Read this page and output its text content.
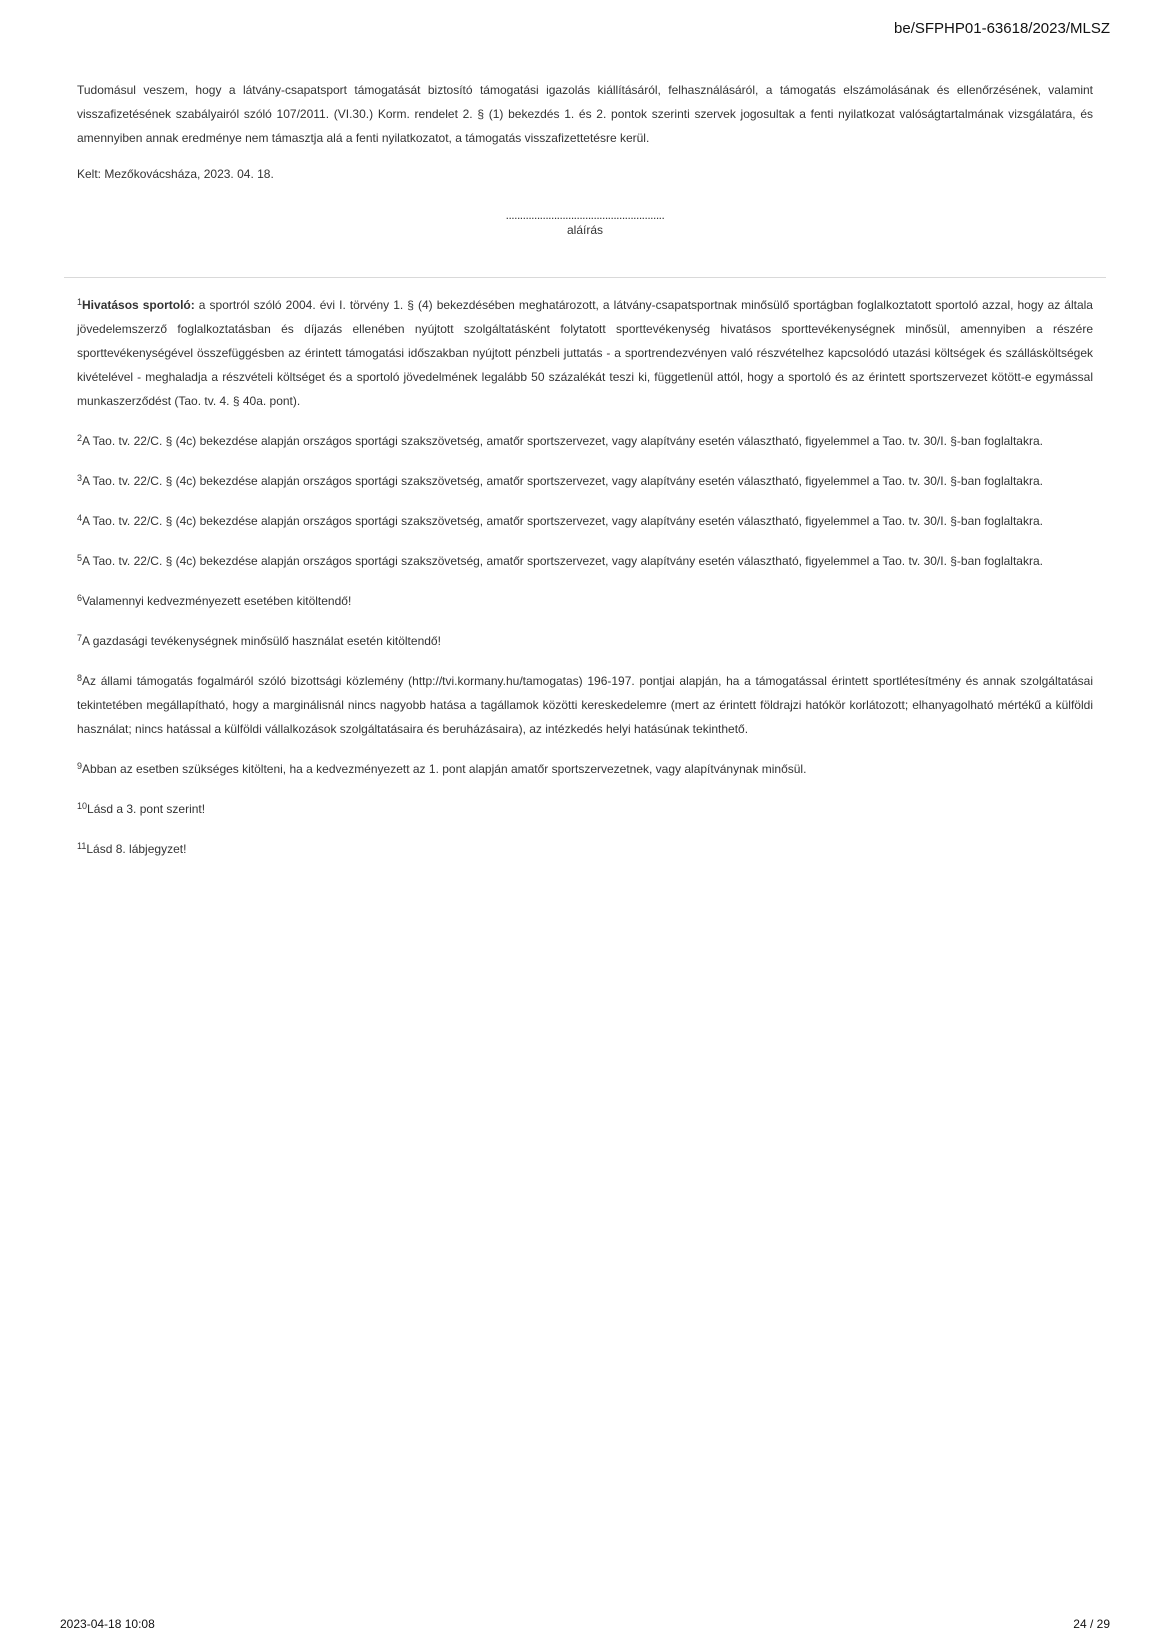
be/SFPHP01-63618/2023/MLSZ

Tudomásul veszem, hogy a látvány-csapatsport támogatását biztosító támogatási igazolás kiállításáról, felhasználásáról, a támogatás elszámolásának és ellenőrzésének, valamint visszafizetésének szabályairól szóló 107/2011. (VI.30.) Korm. rendelet 2. § (1) bekezdés 1. és 2. pontok szerinti szervek jogosultak a fenti nyilatkozat valóságtartalmának vizsgálatára, és amennyiben annak eredménye nem támasztja alá a fenti nyilatkozatot, a támogatás visszafizettetésre kerül.

Kelt: Mezőkovácsháza, 2023. 04. 18.

........................................................
aláírás

$^1$Hivatásos sportoló: a sportról szóló 2004. évi I. törvény 1. § (4) bekezdésében meghatározott, a látvány-csapatsportnak minősülő sportágban foglalkoztatott sportoló azzal, hogy az általa jövedelemszerző foglalkoztatásban és díjazás ellenében nyújtott szolgáltatásként folytatott sporttevékenység hivatásos sporttevékenységnek minősül, amennyiben a részére sporttevékenységével összefüggésben az érintett támogatási időszakban nyújtott pénzbeli juttatás - a sportrendezvényen való részvételhez kapcsolódó utazási költségek és szállásköltségek kivételével - meghaladja a részvételi költséget és a sportoló jövedelmének legalább 50 százalékát teszi ki, függetlenül attól, hogy a sportoló és az érintett sportszervezet kötött-e egymással munkaszerződést (Tao. tv. 4. § 40a. pont).

$^2$A Tao. tv. 22/C. § (4c) bekezdése alapján országos sportági szakszövetség, amatőr sportszervezet, vagy alapítvány esetén választható, figyelemmel a Tao. tv. 30/I. §-ban foglaltakra.

$^3$A Tao. tv. 22/C. § (4c) bekezdése alapján országos sportági szakszövetség, amatőr sportszervezet, vagy alapítvány esetén választható, figyelemmel a Tao. tv. 30/I. §-ban foglaltakra.

$^4$A Tao. tv. 22/C. § (4c) bekezdése alapján országos sportági szakszövetség, amatőr sportszervezet, vagy alapítvány esetén választható, figyelemmel a Tao. tv. 30/I. §-ban foglaltakra.

$^5$A Tao. tv. 22/C. § (4c) bekezdése alapján országos sportági szakszövetség, amatőr sportszervezet, vagy alapítvány esetén választható, figyelemmel a Tao. tv. 30/I. §-ban foglaltakra.

$^6$Valamennyi kedvezményezett esetében kitöltendő!

$^7$A gazdasági tevékenységnek minősülő használat esetén kitöltendő!

$^8$Az állami támogatás fogalmáról szóló bizottsági közlemény (http://tvi.kormany.hu/tamogatas) 196-197. pontjai alapján, ha a támogatással érintett sportlétesítmény és annak szolgáltatásai tekintetében megállapítható, hogy a marginálisnál nincs nagyobb hatása a tagállamok közötti kereskedelemre (mert az érintett földrajzi hatókör korlátozott; elhanyagolható mértékű a külföldi használat; nincs hatással a külföldi vállalkozások szolgáltatásaira és beruházásaira), az intézkedés helyi hatásúnak tekinthető.

$^9$Abban az esetben szükséges kitölteni, ha a kedvezményezett az 1. pont alapján amatőr sportszervezetnek, vagy alapítványnak minősül.

$^{10}$Lásd a 3. pont szerint!

$^{11}$Lásd 8. lábjegyzet!

2023-04-18 10:08	24 / 29
